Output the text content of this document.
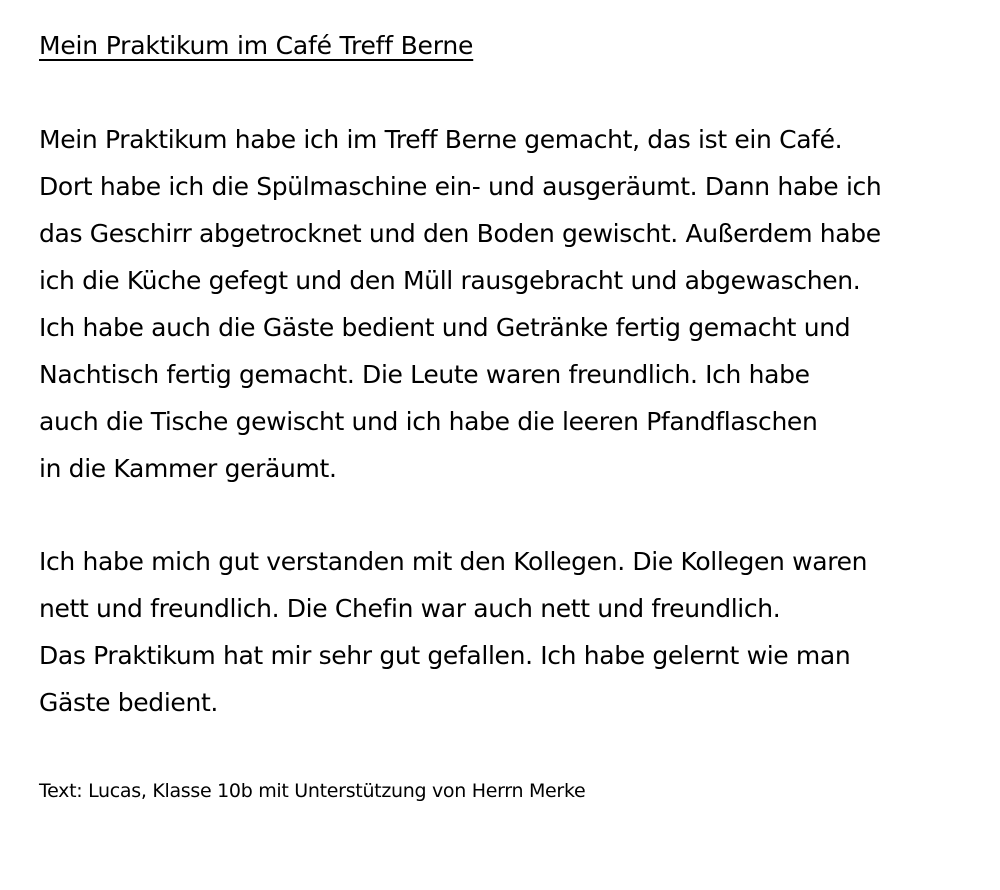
Mein Praktikum im Café Treff Berne

Mein Praktikum habe ich im Treff Berne gemacht, das ist ein Café.

Dort habe ich die Spülmaschine ein- und ausgeräumt. Dann habe ich

das Geschirr abgetrocknet und den Boden gewischt. Außerdem habe

ich die Küche gefegt und den Müll rausgebracht und abgewaschen.

Ich habe auch die Gäste bedient und Getränke fertig gemacht und

Nachtisch fertig gemacht. Die Leute waren freundlich. Ich habe

auch die Tische gewischt und ich habe die leeren Pfandflaschen

in die Kammer geräumt.

Ich habe mich gut verstanden mit den Kollegen. Die Kollegen waren

nett und freundlich. Die Chefin war auch nett und freundlich.

Das Praktikum hat mir sehr gut gefallen. Ich habe gelernt wie man

Gäste bedient.

Text: Lucas, Klasse 10b mit Unterstützung von Herrn Merke
